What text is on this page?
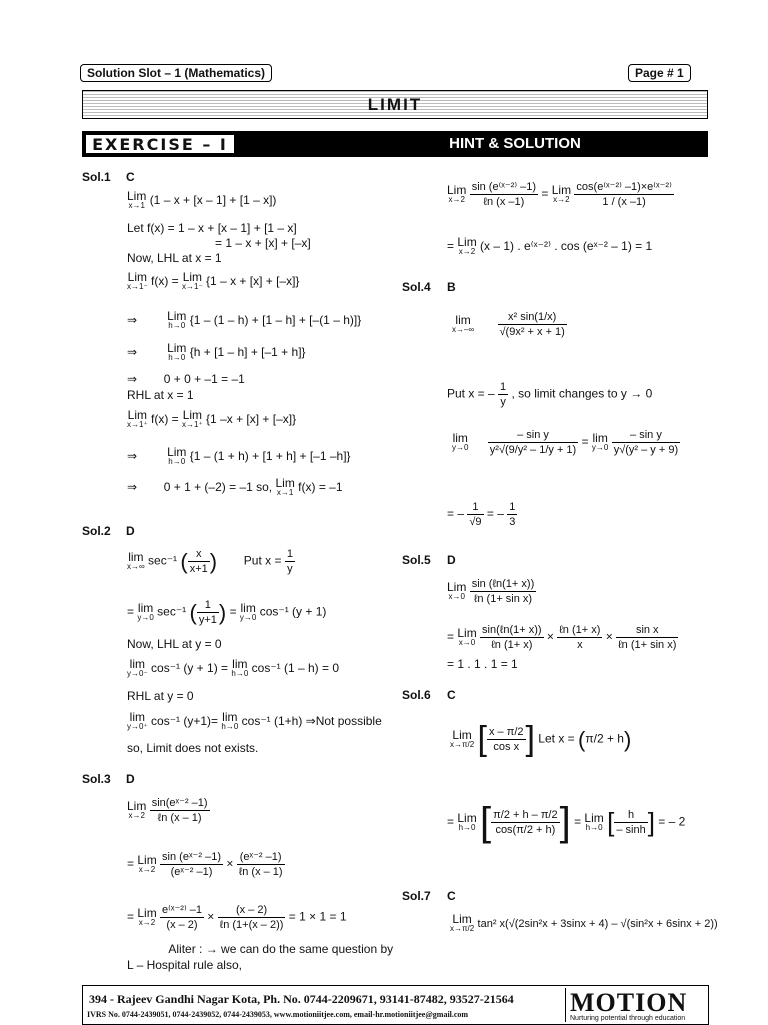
Solution Slot – 1 (Mathematics)	Page # 1
LIMIT
EXERCISE – I	HINT & SOLUTION
Sol.1 C
Lim
x→1 (1 – x + [x – 1] + [1 – x])
Let f(x) = 1 – x + [x – 1] + [1 – x]
= 1 – x + [x] + [–x]
Now, LHL at x = 1
Lim
x→1⁻ f(x) = Lim
x→1⁻ {1 – x + [x] + [–x]}
⇒	Lim
h→0 {1 – (1 – h) + [1 – h] + [–(1 – h)]}
⇒	Lim
h→0 {h + [1 – h] + [–1 + h]}
⇒ 0 + 0 + –1 = –1
RHL at x = 1
Lim
x→1⁺ f(x) = Lim
x→1⁺ {1 –x + [x] + [–x]}
⇒	Lim
h→0 {1 – (1 + h) + [1 + h] + [–1 –h]}
⇒ 0 + 1 + (–2) = –1 so, Lim
x→1 f(x) = –1
Sol.2 D
lim
x→∞ sec⁻¹ ( $\frac{x}{x+1}$ ) Put $x = \frac{1}{y}$
= lim
y→0 sec⁻¹ ( $\frac{1}{y+1}$ ) = lim
y→0 cos⁻¹ (y + 1)
Now, LHL at y = 0
lim
y→0⁻ cos⁻¹ (y + 1) = lim
h→0 cos⁻¹ (1 – h) = 0
RHL at y = 0
lim
y→0⁺ cos⁻¹ (y+1)= lim
h→0 cos⁻¹ (1+h) ⇒Not possible
so, Limit does not exists.
Sol.3 D
Lim
x→2
$\frac{\text{sin(eˣ⁻² –1)}}{\text{ℓn (x – 1)}}$
= Lim
x→2
$\frac{\text{sin (eˣ⁻² –1)}}{\text{(eˣ⁻² –1)}} \times \frac{\text{(eˣ⁻² –1)}}{\text{ℓn (x – 1)}}$
= Lim
x→2
$\frac{\text{e⁽ˣ⁻²⁾ –1}}{(x - 2)} \times \frac{(x - 2)}{\text{ℓn (1+(x – 2))}} = 1 \times 1 = 1$
Aliter : → we can do the same question by
L – Hospital rule also,
Lim
x→2
$\frac{\text{sin (e⁽ˣ⁻²⁾ –1)}}{\text{ℓn (x –1)}}$ = Lim
x→2
$\frac{\text{cos(e⁽ˣ⁻²⁾ –1)×e⁽ˣ⁻²⁾}}{1 / (x -1)}$
= Lim
x→2 (x – 1) . e⁽ˣ⁻²⁾ . cos (eˣ⁻² – 1) = 1
Sol.4 B
lim
x→–∞
$\frac{\text{x² sin(1/x)}}{\text{√(9x² + x + 1)}}$
Put x = – $\frac{1}{y}$ , so limit changes to y → 0
lim
y→0
$\frac{\text{– sin y}}{\text{y²√(9/y² – 1/y + 1)}} = \lim$
y→0
$\frac{\text{– sin y}}{\text{y√(y² – y + 9)}}$
= – $\frac{1}{√9}$ = – $\frac{1}{3}$
Sol.5 D
Lim
x→0
$\frac{\text{sin (ℓn(1+ x))}}{\text{ℓn (1+ sin x)}}$
= Lim
x→0
$\frac{\text{sin(ℓn(1+ x))}}{\text{ℓn (1+ x)}} \times \frac{\text{ℓn (1+ x)}}{x} \times \frac{\text{sin x}}{\text{ℓn (1+ sin x)}}$
= 1 . 1 . 1 = 1
Sol.6 C
Lim
x→π/2 [ $\frac{x - \pi/2}{\text{cos x}}$ ] Let x = (π/2 + h)
= Lim
h→0 [ $\frac{\pi/2 + h - \pi/2}{\cos(\pi/2 + h)}$ ] = Lim
h→0 [ $\frac{h}{- \sinh}$ ] = – 2
Sol.7 C
Lim
x→π/2 tan² x(√(2sin²x + 3sinx + 4) – √(sin²x + 6sinx + 2))
394 - Rajeev Gandhi Nagar Kota, Ph. No. 0744-2209671, 93141-87482, 93527-21564
IVRS No. 0744-2439051, 0744-2439052, 0744-2439053, www.motioniitjee.com, email-hr.motioniitjee@gmail.com	MOTION
Nurturing potential through education
